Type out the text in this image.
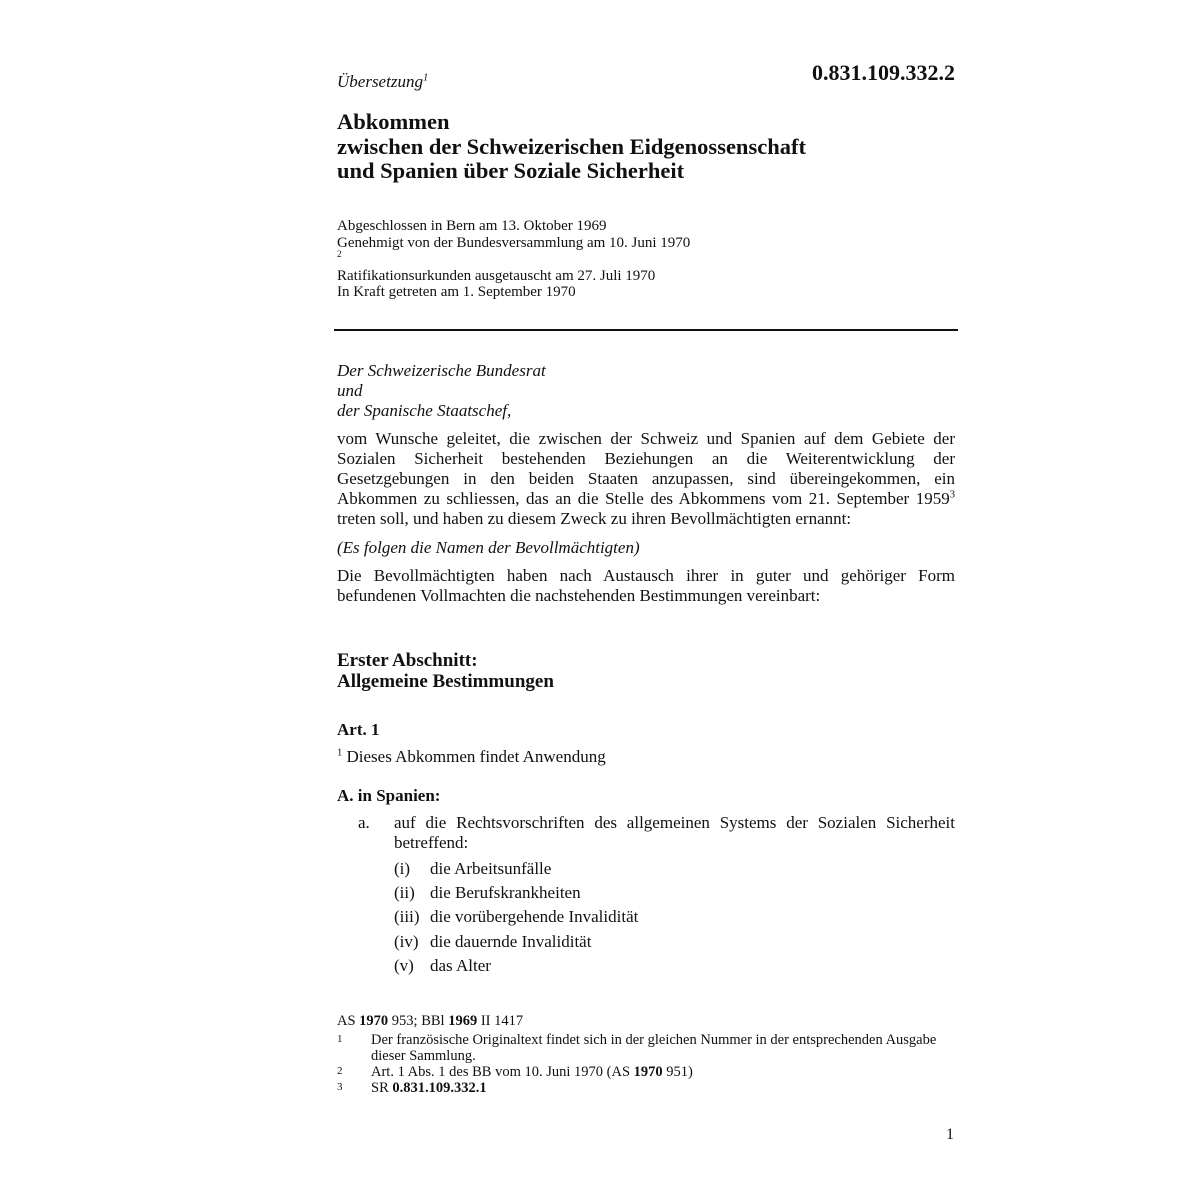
Übersetzung$^1$	0.831.109.332.2

Abkommen
zwischen der Schweizerischen Eidgenossenschaft
und Spanien über Soziale Sicherheit
Abgeschlossen in Bern am 13. Oktober 1969
Genehmigt von der Bundesversammlung am 10. Juni 1970
$^2$
Ratifikationsurkunden ausgetauscht am 27. Juli 1970
In Kraft getreten am 1. September 1970
Der Schweizerische Bundesrat
und
der Spanische Staatschef,

vom Wunsche geleitet, die zwischen der Schweiz und Spanien auf dem Gebiete der Sozialen Sicherheit bestehenden Beziehungen an die Weiterentwicklung der Gesetzgebungen in den beiden Staaten anzupassen, sind übereingekommen, ein Abkommen zu schliessen, das an die Stelle des Abkommens vom 21. September 1959$^3$ treten soll, und haben zu diesem Zweck zu ihren Bevollmächtigten ernannt:

(Es folgen die Namen der Bevollmächtigten)

Die Bevollmächtigten haben nach Austausch ihrer in guter und gehöriger Form befundenen Vollmachten die nachstehenden Bestimmungen vereinbart:

Erster Abschnitt:
Allgemeine Bestimmungen
Art. 1

$^1$ Dieses Abkommen findet Anwendung

A. in Spanien:

a. auf die Rechtsvorschriften des allgemeinen Systems der Sozialen Sicherheit betreffend:

(i)	die Arbeitsunfälle
(ii) die Berufskrankheiten
(iii) die vorübergehende Invalidität
(iv) die dauernde Invalidität
(v) das Alter
AS 1970 953; BBl 1969 II 1417
1	Der französische Originaltext findet sich in der gleichen Nummer in der entsprechenden Ausgabe dieser Sammlung.
2	Art. 1 Abs. 1 des BB vom 10. Juni 1970 (AS 1970 951)
3	SR 0.831.109.332.1

1
